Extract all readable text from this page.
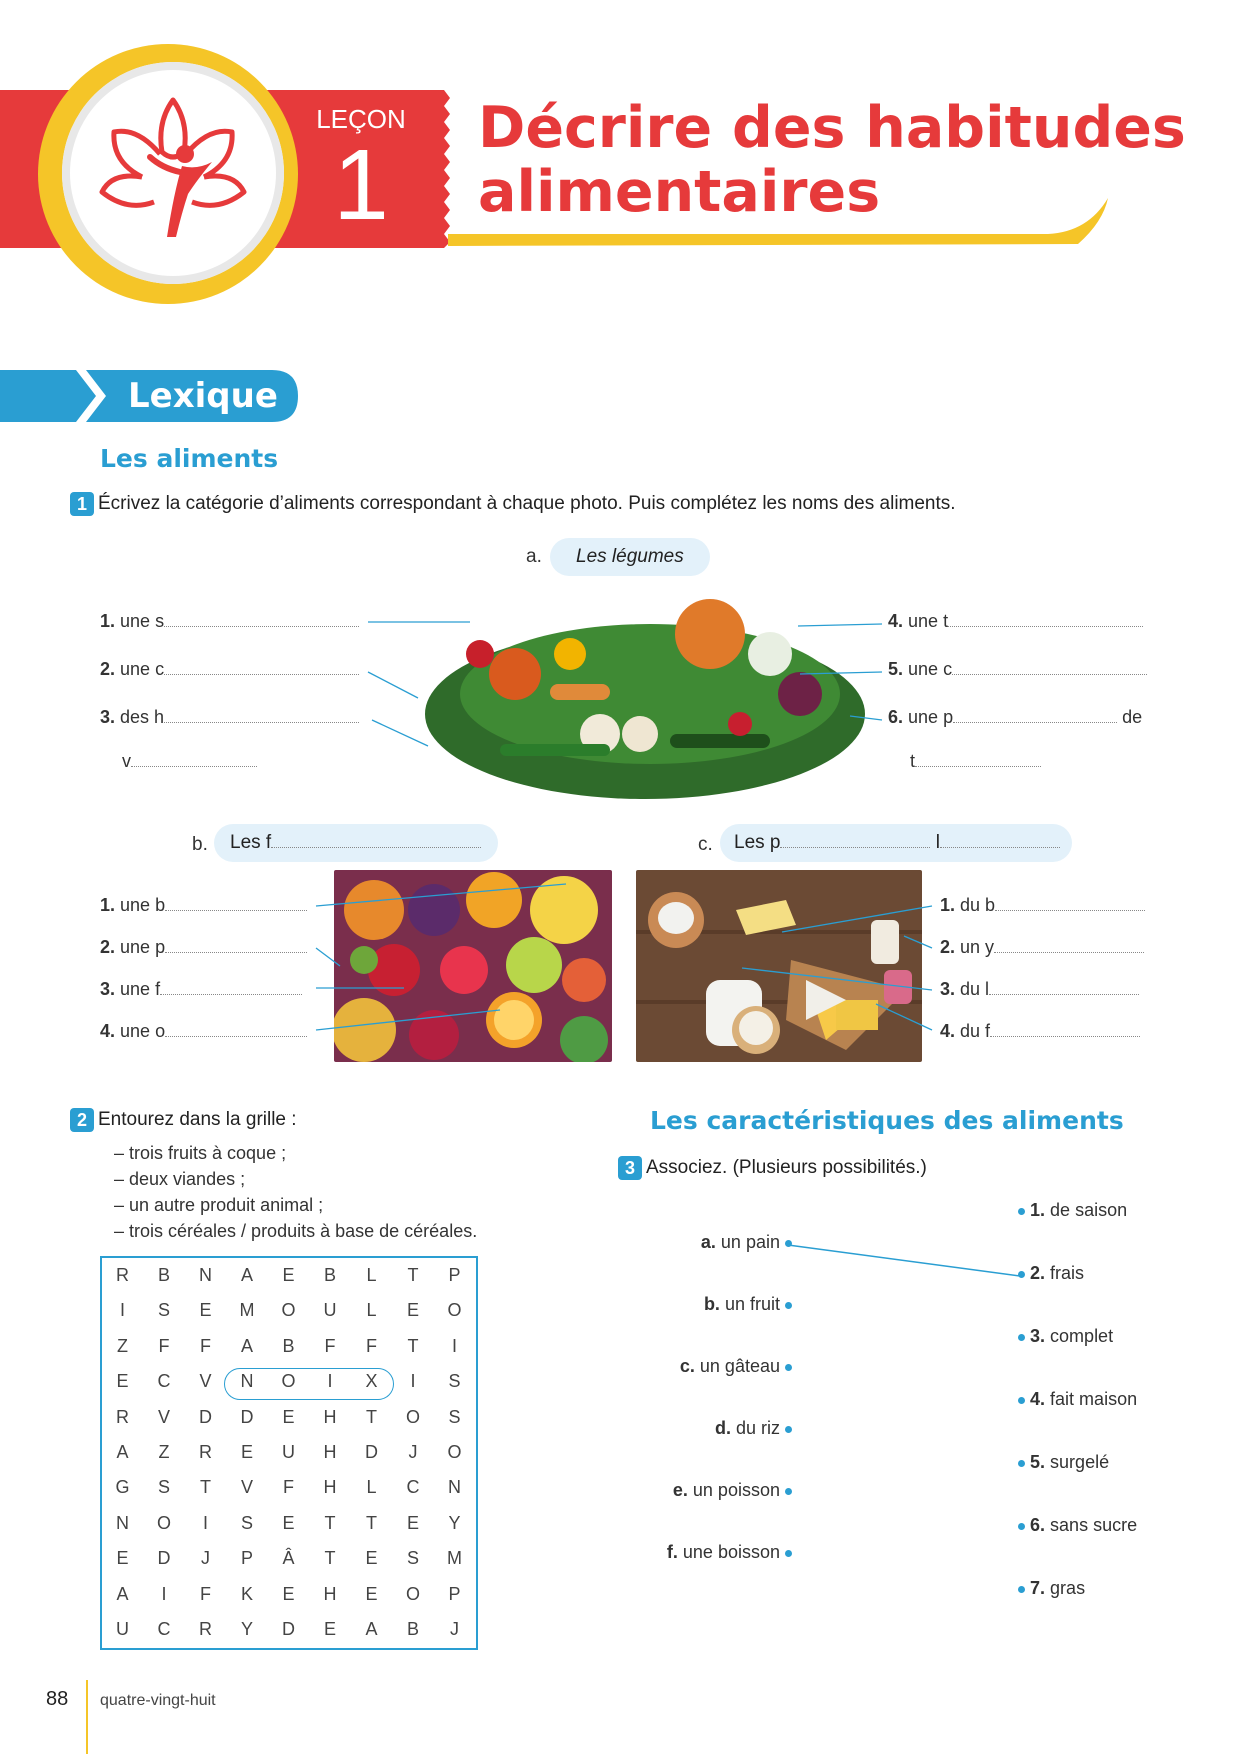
LEÇON
1
Décrire des habitudes
alimentaires
Lexique
Les aliments
1 Écrivez la catégorie d’aliments correspondant à chaque photo. Puis complétez les noms des aliments.
a.	Les légumes
1. une s
2. une c
3. des h
v
4. une t
5. une c
6. une p	de
t
b.	Les f	c.	Les p	l
1. une b
2. une p
3. une f
4. une o
1. du b
2. un y
3. du l
4. du f
2 Entourez dans la grille :
– trois fruits à coque ;
– deux viandes ;
– un autre produit animal ;
– trois céréales / produits à base de céréales.
R	B	N	A	E	B	L	T	P
I	S	E	M	O	U	L	E	O
Z	F	F	A	B	F	F	T	I
E	C	V	N	O	I	X	I	S
R	V	D	D	E	H	T	O	S
A	Z	R	E	U	H	D	J	O
G	S	T	V	F	H	L	C	N
N	O	I	S	E	T	T	E	Y
E	D	J	P	Â	T	E	S	M
A	I	F	K	E	H	E	O	P
U	C	R	Y	D	E	A	B	J
Les caractéristiques des aliments
3 Associez. (Plusieurs possibilités.)
a. un pain
b. un fruit
c. un gâteau
d. du riz
e. un poisson
f. une boisson
1. de saison
2. frais
3. complet
4. fait maison
5. surgelé
6. sans sucre
7. gras
88 quatre-vingt-huit
